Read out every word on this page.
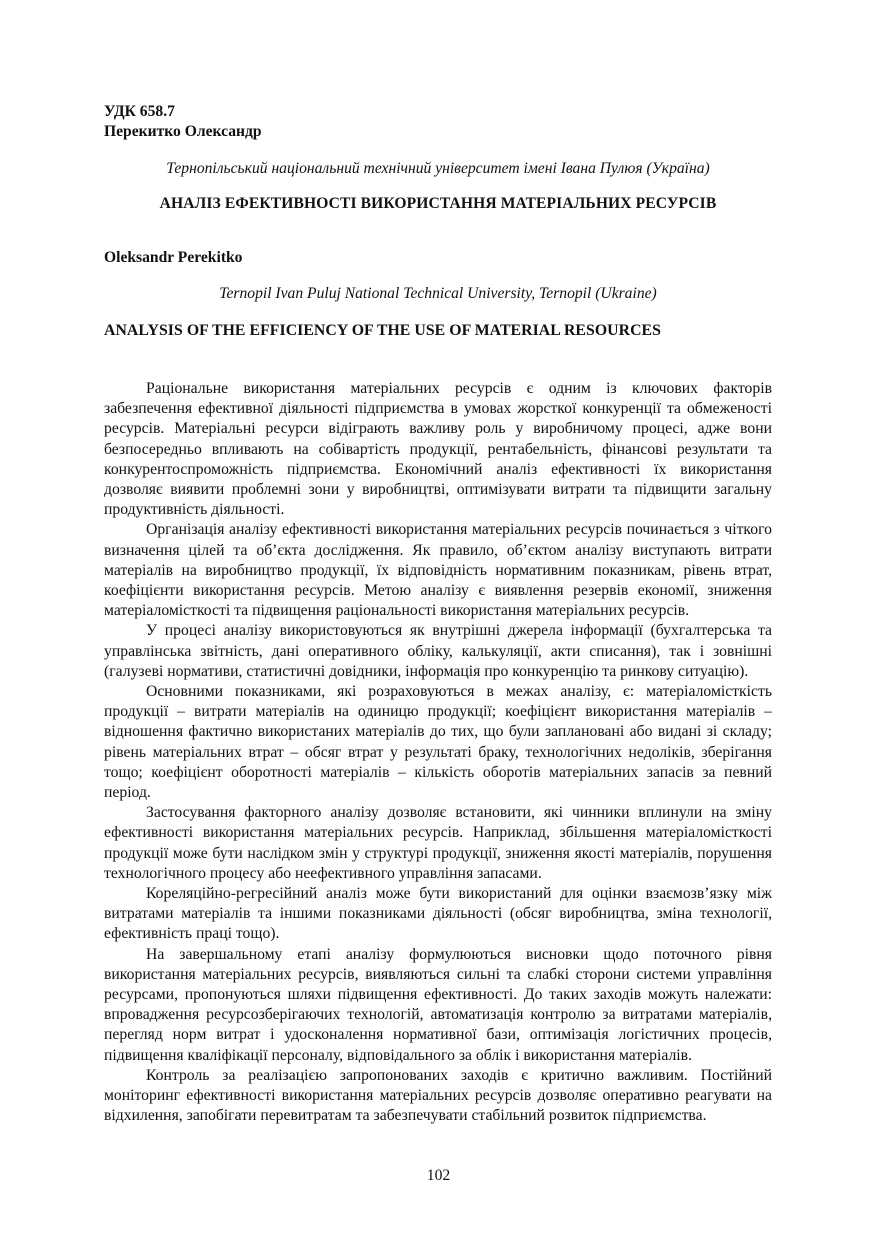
УДК 658.7

Перекитко Олександр

Тернопільський національний технічний університет імені Івана Пулюя (Україна)

АНАЛІЗ ЕФЕКТИВНОСТІ ВИКОРИСТАННЯ МАТЕРІАЛЬНИХ РЕСУРСІВ

Oleksandr Perekitko

Ternopil Ivan Puluj National Technical University, Ternopil (Ukraine)

ANALYSIS OF THE EFFICIENCY OF THE USE OF MATERIAL RESOURCES

Раціональне використання матеріальних ресурсів є одним із ключових факторів забезпечення ефективної діяльності підприємства в умовах жорсткої конкуренції та обмеженості ресурсів. Матеріальні ресурси відіграють важливу роль у виробничому процесі, адже вони безпосередньо впливають на собівартість продукції, рентабельність, фінансові результати та конкурентоспроможність підприємства. Економічний аналіз ефективності їх використання дозволяє виявити проблемні зони у виробництві, оптимізувати витрати та підвищити загальну продуктивність діяльності.

Організація аналізу ефективності використання матеріальних ресурсів починається з чіткого визначення цілей та об’єкта дослідження. Як правило, об’єктом аналізу виступають витрати матеріалів на виробництво продукції, їх відповідність нормативним показникам, рівень втрат, коефіцієнти використання ресурсів. Метою аналізу є виявлення резервів економії, зниження матеріаломісткості та підвищення раціональності використання матеріальних ресурсів.

У процесі аналізу використовуються як внутрішні джерела інформації (бухгалтерська та управлінська звітність, дані оперативного обліку, калькуляції, акти списання), так і зовнішні (галузеві нормативи, статистичні довідники, інформація про конкуренцію та ринкову ситуацію).

Основними показниками, які розраховуються в межах аналізу, є: матеріаломісткість продукції – витрати матеріалів на одиницю продукції; коефіцієнт використання матеріалів – відношення фактично використаних матеріалів до тих, що були заплановані або видані зі складу; рівень матеріальних втрат – обсяг втрат у результаті браку, технологічних недоліків, зберігання тощо; коефіцієнт оборотності матеріалів – кількість оборотів матеріальних запасів за певний період.

Застосування факторного аналізу дозволяє встановити, які чинники вплинули на зміну ефективності використання матеріальних ресурсів. Наприклад, збільшення матеріаломісткості продукції може бути наслідком змін у структурі продукції, зниження якості матеріалів, порушення технологічного процесу або неефективного управління запасами.

Кореляційно-регресійний аналіз може бути використаний для оцінки взаємозв’язку між витратами матеріалів та іншими показниками діяльності (обсяг виробництва, зміна технології, ефективність праці тощо).

На завершальному етапі аналізу формулюються висновки щодо поточного рівня використання матеріальних ресурсів, виявляються сильні та слабкі сторони системи управління ресурсами, пропонуються шляхи підвищення ефективності. До таких заходів можуть належати: впровадження ресурсозберігаючих технологій, автоматизація контролю за витратами матеріалів, перегляд норм витрат і удосконалення нормативної бази, оптимізація логістичних процесів, підвищення кваліфікації персоналу, відповідального за облік і використання матеріалів.

Контроль за реалізацією запропонованих заходів є критично важливим. Постійний моніторинг ефективності використання матеріальних ресурсів дозволяє оперативно реагувати на відхилення, запобігати перевитратам та забезпечувати стабільний розвиток підприємства.

102
